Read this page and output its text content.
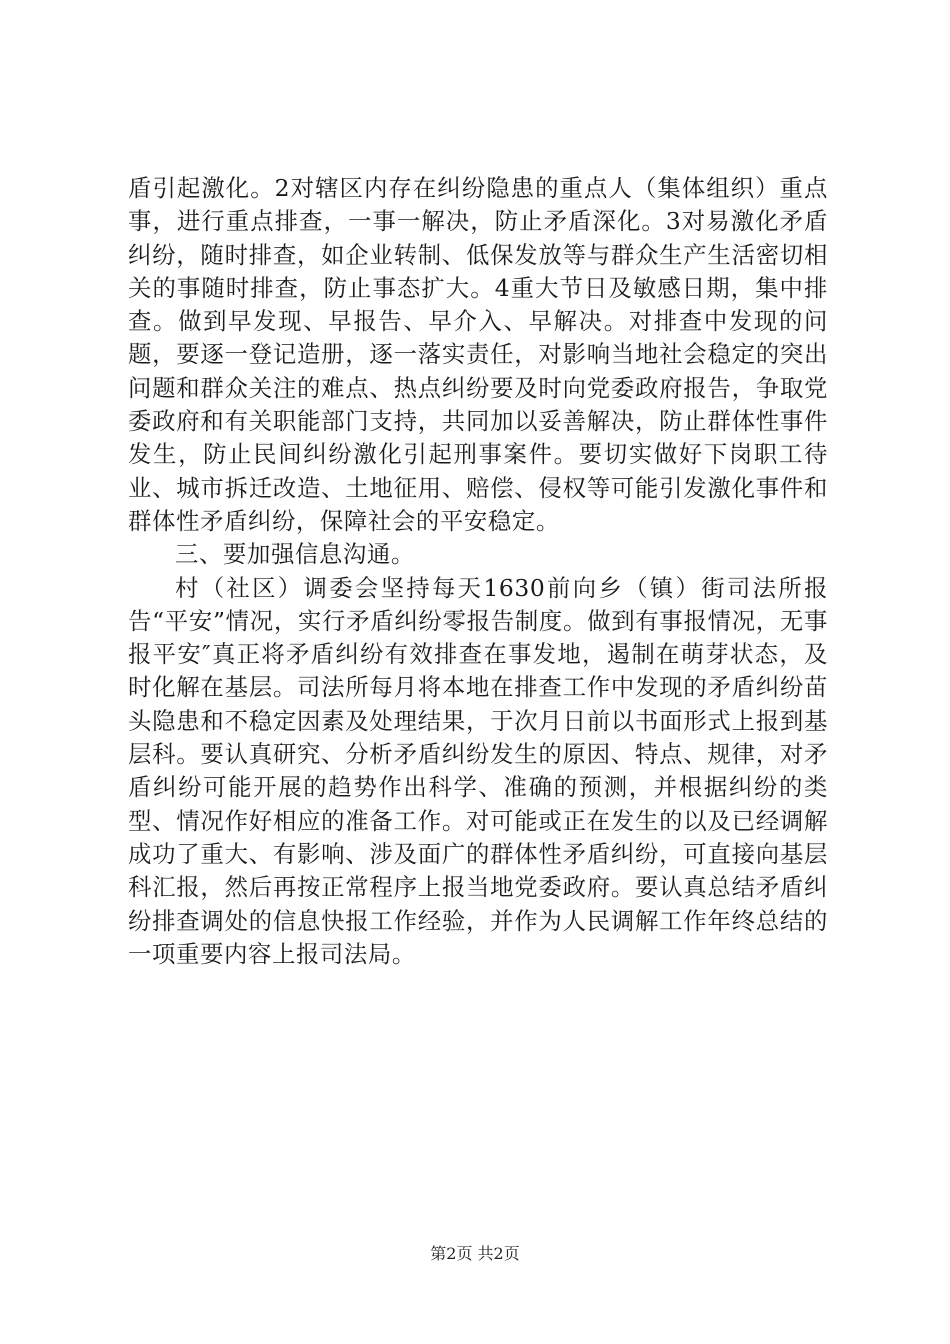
盾引起激化。2对辖区内存在纠纷隐患的重点人（集体组织）重点事，进行重点排查，一事一解决，防止矛盾深化。3对易激化矛盾纠纷，随时排查，如企业转制、低保发放等与群众生产生活密切相关的事随时排查，防止事态扩大。4重大节日及敏感日期，集中排查。做到早发现、早报告、早介入、早解决。对排查中发现的问题，要逐一登记造册，逐一落实责任，对影响当地社会稳定的突出问题和群众关注的难点、热点纠纷要及时向党委政府报告，争取党委政府和有关职能部门支持，共同加以妥善解决，防止群体性事件发生，防止民间纠纷激化引起刑事案件。要切实做好下岗职工待业、城市拆迁改造、土地征用、赔偿、侵权等可能引发激化事件和群体性矛盾纠纷，保障社会的平安稳定。

三、要加强信息沟通。

村（社区）调委会坚持每天1630前向乡（镇）街司法所报告“平安”情况，实行矛盾纠纷零报告制度。做到有事报情况，无事报平安″真正将矛盾纠纷有效排查在事发地，遏制在萌芽状态，及时化解在基层。司法所每月将本地在排查工作中发现的矛盾纠纷苗头隐患和不稳定因素及处理结果，于次月日前以书面形式上报到基层科。要认真研究、分析矛盾纠纷发生的原因、特点、规律，对矛盾纠纷可能开展的趋势作出科学、准确的预测，并根据纠纷的类型、情况作好相应的准备工作。对可能或正在发生的以及已经调解成功了重大、有影响、涉及面广的群体性矛盾纠纷，可直接向基层科汇报，然后再按正常程序上报当地党委政府。要认真总结矛盾纠纷排查调处的信息快报工作经验，并作为人民调解工作年终总结的一项重要内容上报司法局。

第2页 共2页
